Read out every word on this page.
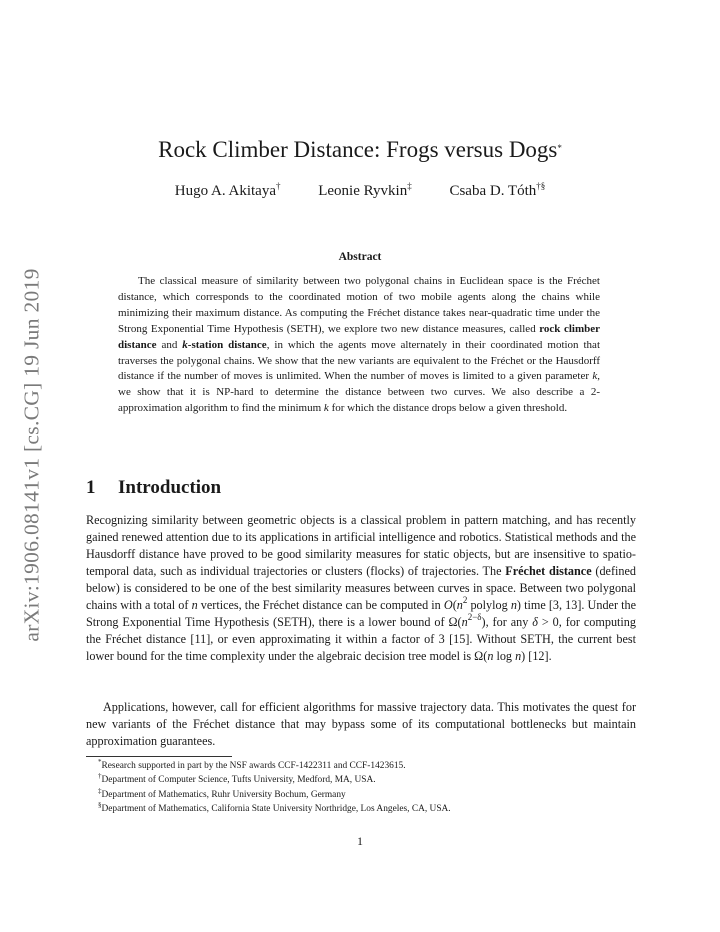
arXiv:1906.08141v1 [cs.CG] 19 Jun 2019
Rock Climber Distance: Frogs versus Dogs*
Hugo A. Akitaya†	Leonie Ryvkin‡	Csaba D. Tóth†§
Abstract

The classical measure of similarity between two polygonal chains in Euclidean space is the Fréchet distance, which corresponds to the coordinated motion of two mobile agents along the chains while minimizing their maximum distance. As computing the Fréchet distance takes near-quadratic time under the Strong Exponential Time Hypothesis (SETH), we explore two new distance measures, called rock climber distance and k-station distance, in which the agents move alternately in their coordinated motion that traverses the polygonal chains. We show that the new variants are equivalent to the Fréchet or the Hausdorff distance if the number of moves is unlimited. When the number of moves is limited to a given parameter k, we show that it is NP-hard to determine the distance between two curves. We also describe a 2-approximation algorithm to find the minimum k for which the distance drops below a given threshold.

1 Introduction

Recognizing similarity between geometric objects is a classical problem in pattern matching, and has recently gained renewed attention due to its applications in artificial intelligence and robotics. Statistical methods and the Hausdorff distance have proved to be good similarity measures for static objects, but are insensitive to spatio-temporal data, such as individual trajectories or clusters (flocks) of trajectories. The Fréchet distance (defined below) is considered to be one of the best similarity measures between curves in space. Between two polygonal chains with a total of n vertices, the Fréchet distance can be computed in $O(n^2$ polylog n) time [3, 13]. Under the Strong Exponential Time Hypothesis (SETH), there is a lower bound of $\Omega(n^{2-\delta})$, for any δ > 0, for computing the Fréchet distance [11], or even approximating it within a factor of 3 [15]. Without SETH, the current best lower bound for the time complexity under the algebraic decision tree model is Ω(n log n) [12].

Applications, however, call for efficient algorithms for massive trajectory data. This motivates the quest for new variants of the Fréchet distance that may bypass some of its computational bottlenecks but maintain approximation guarantees.

*Research supported in part by the NSF awards CCF-1422311 and CCF-1423615.
†Department of Computer Science, Tufts University, Medford, MA, USA.
‡Department of Mathematics, Ruhr University Bochum, Germany
§Department of Mathematics, California State University Northridge, Los Angeles, CA, USA.
1
